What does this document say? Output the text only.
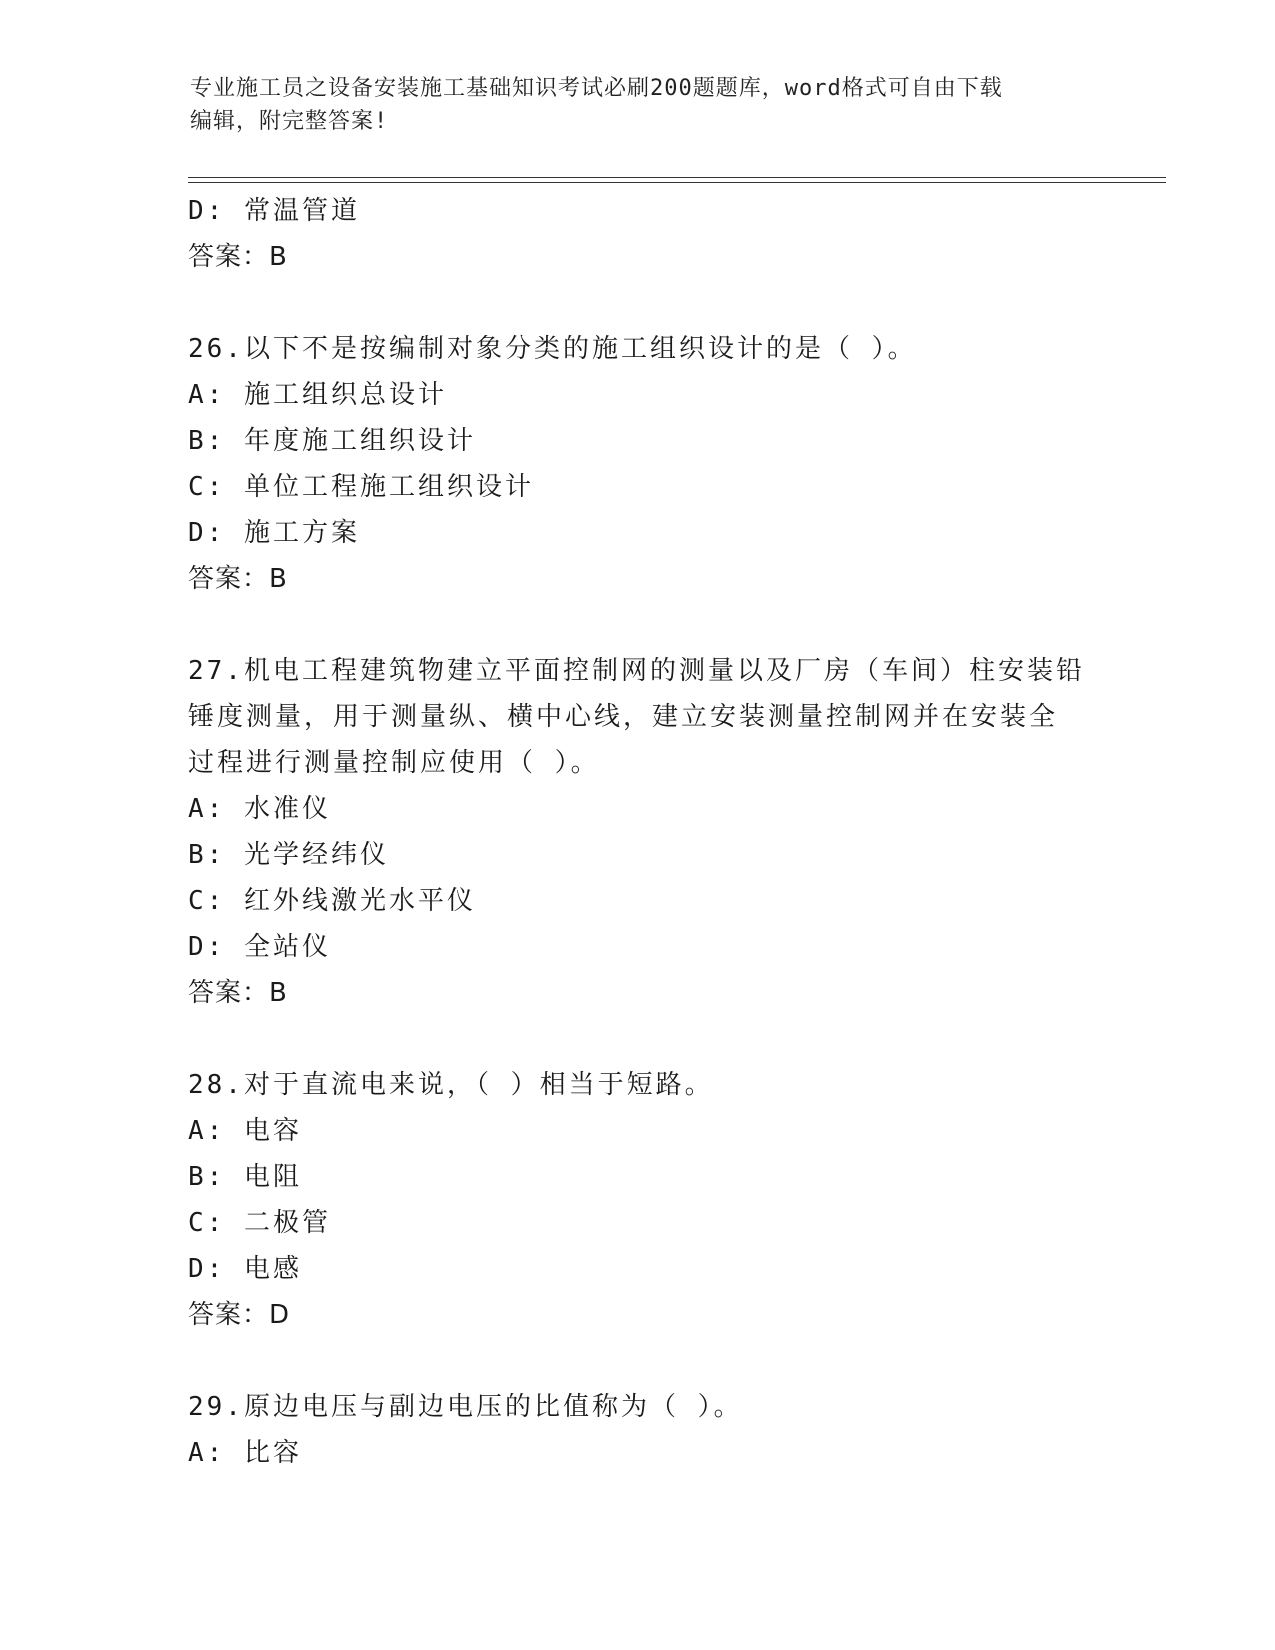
专业施工员之设备安装施工基础知识考试必刷200题题库，word格式可自由下载
编辑，附完整答案!
D: 常温管道
答案：B
26.以下不是按编制对象分类的施工组织设计的是（ ）。
A: 施工组织总设计
B: 年度施工组织设计
C: 单位工程施工组织设计
D: 施工方案
答案：B
27.机电工程建筑物建立平面控制网的测量以及厂房（车间）柱安装铅
锤度测量，用于测量纵、横中心线，建立安装测量控制网并在安装全
过程进行测量控制应使用（ ）。
A: 水准仪
B: 光学经纬仪
C: 红外线激光水平仪
D: 全站仪
答案：B
28.对于直流电来说，（ ）相当于短路。
A: 电容
B: 电阻
C: 二极管
D: 电感
答案：D
29.原边电压与副边电压的比值称为（ ）。
A: 比容
